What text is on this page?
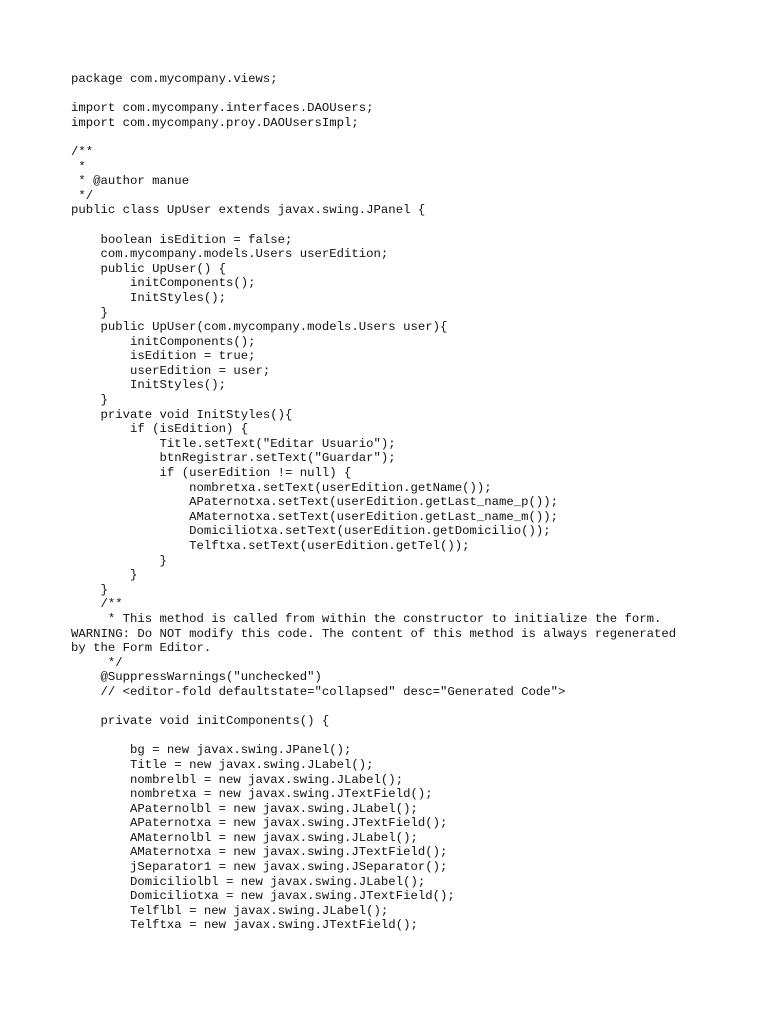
package com.mycompany.views;
import com.mycompany.interfaces.DAOUsers;
import com.mycompany.proy.DAOUsersImpl;
/**
*
* @author manue
*/
public class UpUser extends javax.swing.JPanel {
boolean isEdition = false;
com.mycompany.models.Users userEdition;
public UpUser() {
initComponents();
InitStyles();
}
public UpUser(com.mycompany.models.Users user){
initComponents();
isEdition = true;
userEdition = user;
InitStyles();
}
private void InitStyles(){
if (isEdition) {
Title.setText("Editar Usuario");
btnRegistrar.setText("Guardar");
if (userEdition != null) {
nombretxa.setText(userEdition.getName());
APaternotxa.setText(userEdition.getLast_name_p());
AMaternotxa.setText(userEdition.getLast_name_m());
Domiciliotxa.setText(userEdition.getDomicilio());
Telftxa.setText(userEdition.getTel());
}
}
}
/**
* This method is called from within the constructor to initialize the form.
WARNING: Do NOT modify this code. The content of this method is always regenerated
by the Form Editor.
*/
@SuppressWarnings("unchecked")
// <editor-fold defaultstate="collapsed" desc="Generated Code">
private void initComponents() {
bg = new javax.swing.JPanel();
Title = new javax.swing.JLabel();
nombrelbl = new javax.swing.JLabel();
nombretxa = new javax.swing.JTextField();
APaternolbl = new javax.swing.JLabel();
APaternotxa = new javax.swing.JTextField();
AMaternolbl = new javax.swing.JLabel();
AMaternotxa = new javax.swing.JTextField();
jSeparator1 = new javax.swing.JSeparator();
Domiciliolbl = new javax.swing.JLabel();
Domiciliotxa = new javax.swing.JTextField();
Telflbl = new javax.swing.JLabel();
Telftxa = new javax.swing.JTextField();
